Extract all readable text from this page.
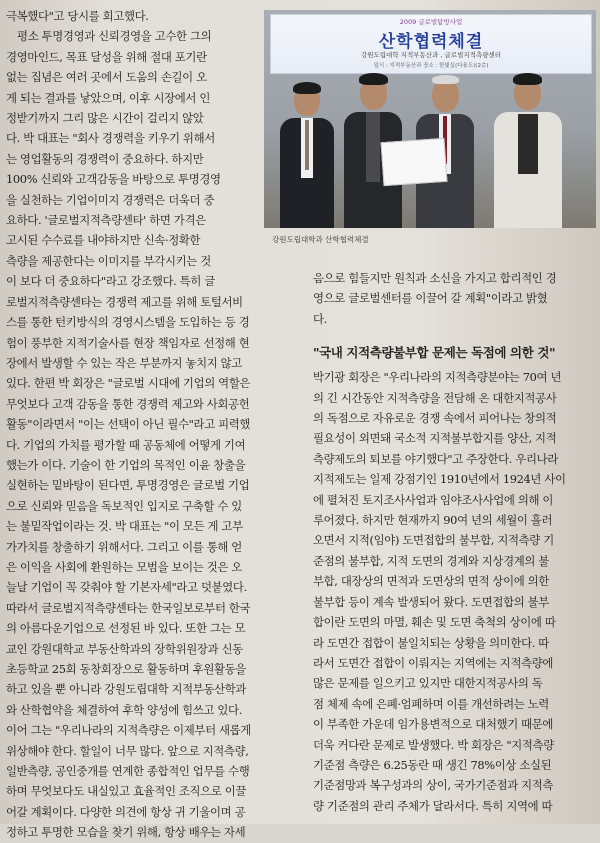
2009 글로벌탐방사업
산학협력체결
강원도립대학 지적부동산과 , 글로벌지적측량센터
일시 : 지적부동산과 장소 : 한빛실(다용도)(2층)
강원도립대학과 산학협력체결

극복했다"고 당시를 회고했다.
　평소 투명경영과 신뢰경영을 고수한 그의
경영마인드, 목표 달성을 위해 절대 포기란
없는 집념은 여러 곳에서 도움의 손길이 오
게 되는 결과를 낳았으며, 이후 시장에서 인
정받기까지 그리 많은 시간이 걸리지 않았
다. 박 대표는 "회사 경쟁력을 키우기 위해서
는 영업활동의 경쟁력이 중요하다. 하지만
100% 신뢰와 고객감동을 바탕으로 투명경영
을 실천하는 기업이미지 경쟁력은 더욱더 중
요하다. '글로벌지적측량센타' 하면 가격은
고시된 수수료를 내야하지만 신속·정확한
측량을 제공한다는 이미지를 부각시키는 것
이 보다 더 중요하다"라고 강조했다. 특히 글
로벌지적측량센타는 경쟁력 제고를 위해 토털서비
스를 통한 턴키방식의 경영시스템을 도입하는 등 경
험이 풍부한 지적기술사를 현장 책임자로 선정해 현
장에서 발생할 수 있는 작은 부분까지 놓치지 않고
있다. 한편 박 회장은 "글로벌 시대에 기업의 역할은
무엇보다 고객 감동을 통한 경쟁력 제고와 사회공헌
활동"이라면서 "이는 선택이 아닌 필수"라고 피력했
다. 기업의 가치를 평가할 때 공동체에 어떻게 기여
했는가 이다. 기술이 한 기업의 목적인 이윤 창출을
실현하는 밑바탕이 된다면, 투명경영은 글로벌 기업
으로 신뢰와 믿음을 독보적인 입지로 구축할 수 있
는 불밑작업이라는 것. 박 대표는 "이 모든 게 고부
가가치를 창출하기 위해서다. 그리고 이를 통해 얻
은 이익을 사회에 환원하는 모범을 보이는 것은 오
늘날 기업이 꼭 갖춰야 할 기본자세"라고 덧붙였다.
따라서 글로벌지적측량센타는 한국일보로부터 한국
의 아름다운기업으로 선정된 바 있다. 또한 그는 모
교인 강원대학교 부동산학과의 장학위원장과 신동
초등학교 25회 동창회장으로 활동하며 후원활동을
하고 있을 뿐 아니라 강원도립대학 지적부동산학과
와 산학협약을 체결하여 후학 양성에 힘쓰고 있다.
이어 그는 "우리나라의 지적측량은 이제부터 새롭게
위상해야 한다. 할일이 너무 많다. 앞으로 지적측량,
일반측량, 공인중개를 연계한 종합적인 업무를 수행
하며 무엇보다도 내실있고 효율적인 조직으로 이끌
어갈 계획이다. 다양한 의견에 항상 귀 기울이며 공
정하고 투명한 모습을 찾기 위해, 항상 배우는 자세

음으로 힘들지만 원칙과 소신을 가지고 합리적인 경
영으로 글로벌센터를 이끌어 갈 계획"이라고 밝혔
다.

"국내 지적측량불부합 문제는 독점에 의한 것"

박기광 회장은 "우리나라의 지적측량분야는 70여 년
의 긴 시간동안 지적측량을 전담해 온 대한지적공사
의 독점으로 자유로운 경쟁 속에서 피어나는 창의적
필요성이 외면돼 국소적 지적불부합지를 양산, 지적
측량제도의 퇴보를 야기했다"고 주장한다. 우리나라
지적제도는 일제 강점기인 1910년에서 1924년 사이
에 펼쳐진 토지조사사업과 임야조사사업에 의해 이
루어졌다. 하지만 현재까지 90여 년의 세월이 흘러
오면서 지적(임야) 도면접합의 불부합, 지적측량 기
준점의 불부합, 지적 도면의 경계와 지상경계의 불
부합, 대장상의 면적과 도면상의 면적 상이에 의한
불부합 등이 계속 발생되어 왔다. 도면접합의 불부
합이란 도면의 마멸, 훼손 및 도면 축척의 상이에 따
라 도면간 접합이 불일치되는 상황을 의미한다. 따
라서 도면간 접합이 이뤄지는 지역에는 지적측량에
많은 문제를 일으키고 있지만 대한지적공사의 독
점 체제 속에 은폐·엄폐하며 이를 개선하려는 노력
이 부족한 가운데 임가용변적으로 대처했기 때문에
더욱 커다란 문제로 발생했다. 박 회장은 "지적측량
기준점 측량은 6.25동란 때 생긴 78%이상 소실된
기준점망과 복구성과의 상이, 국가기준점과 지적측
량 기준점의 관리 주체가 달라서다. 특히 지역에 따
